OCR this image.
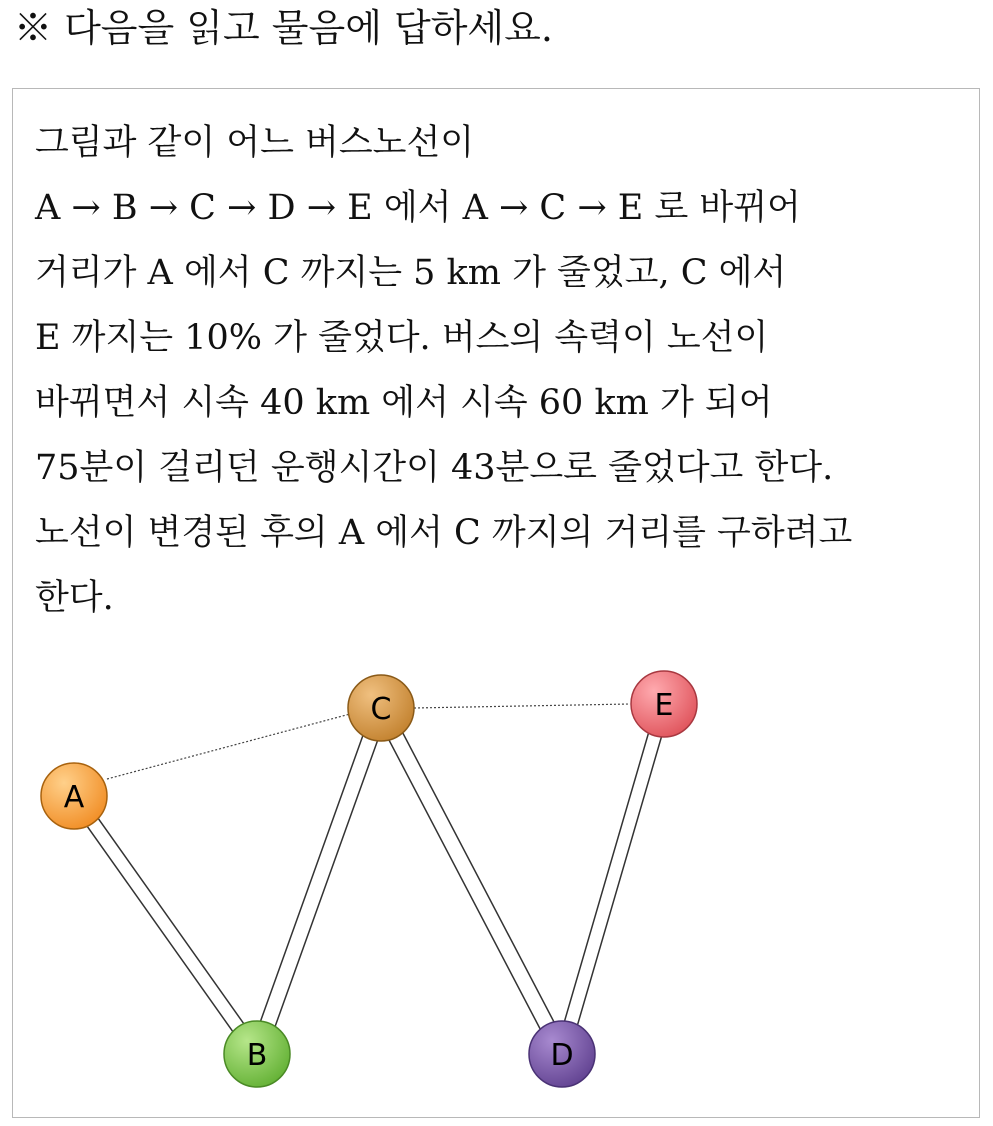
※ 다음을 읽고 물음에 답하세요.
그림과 같이 어느 버스노선이
A → B → C → D → E 에서 A → C → E 로 바뀌어
거리가 A 에서 C 까지는 5 km 가 줄었고, C 에서
E 까지는 10% 가 줄었다. 버스의 속력이 노선이
바뀌면서 시속 40 km 에서 시속 60 km 가 되어
75분이 걸리던 운행시간이 43분으로 줄었다고 한다.
노선이 변경된 후의 A 에서 C 까지의 거리를 구하려고
한다.
A
B
C
D
E
